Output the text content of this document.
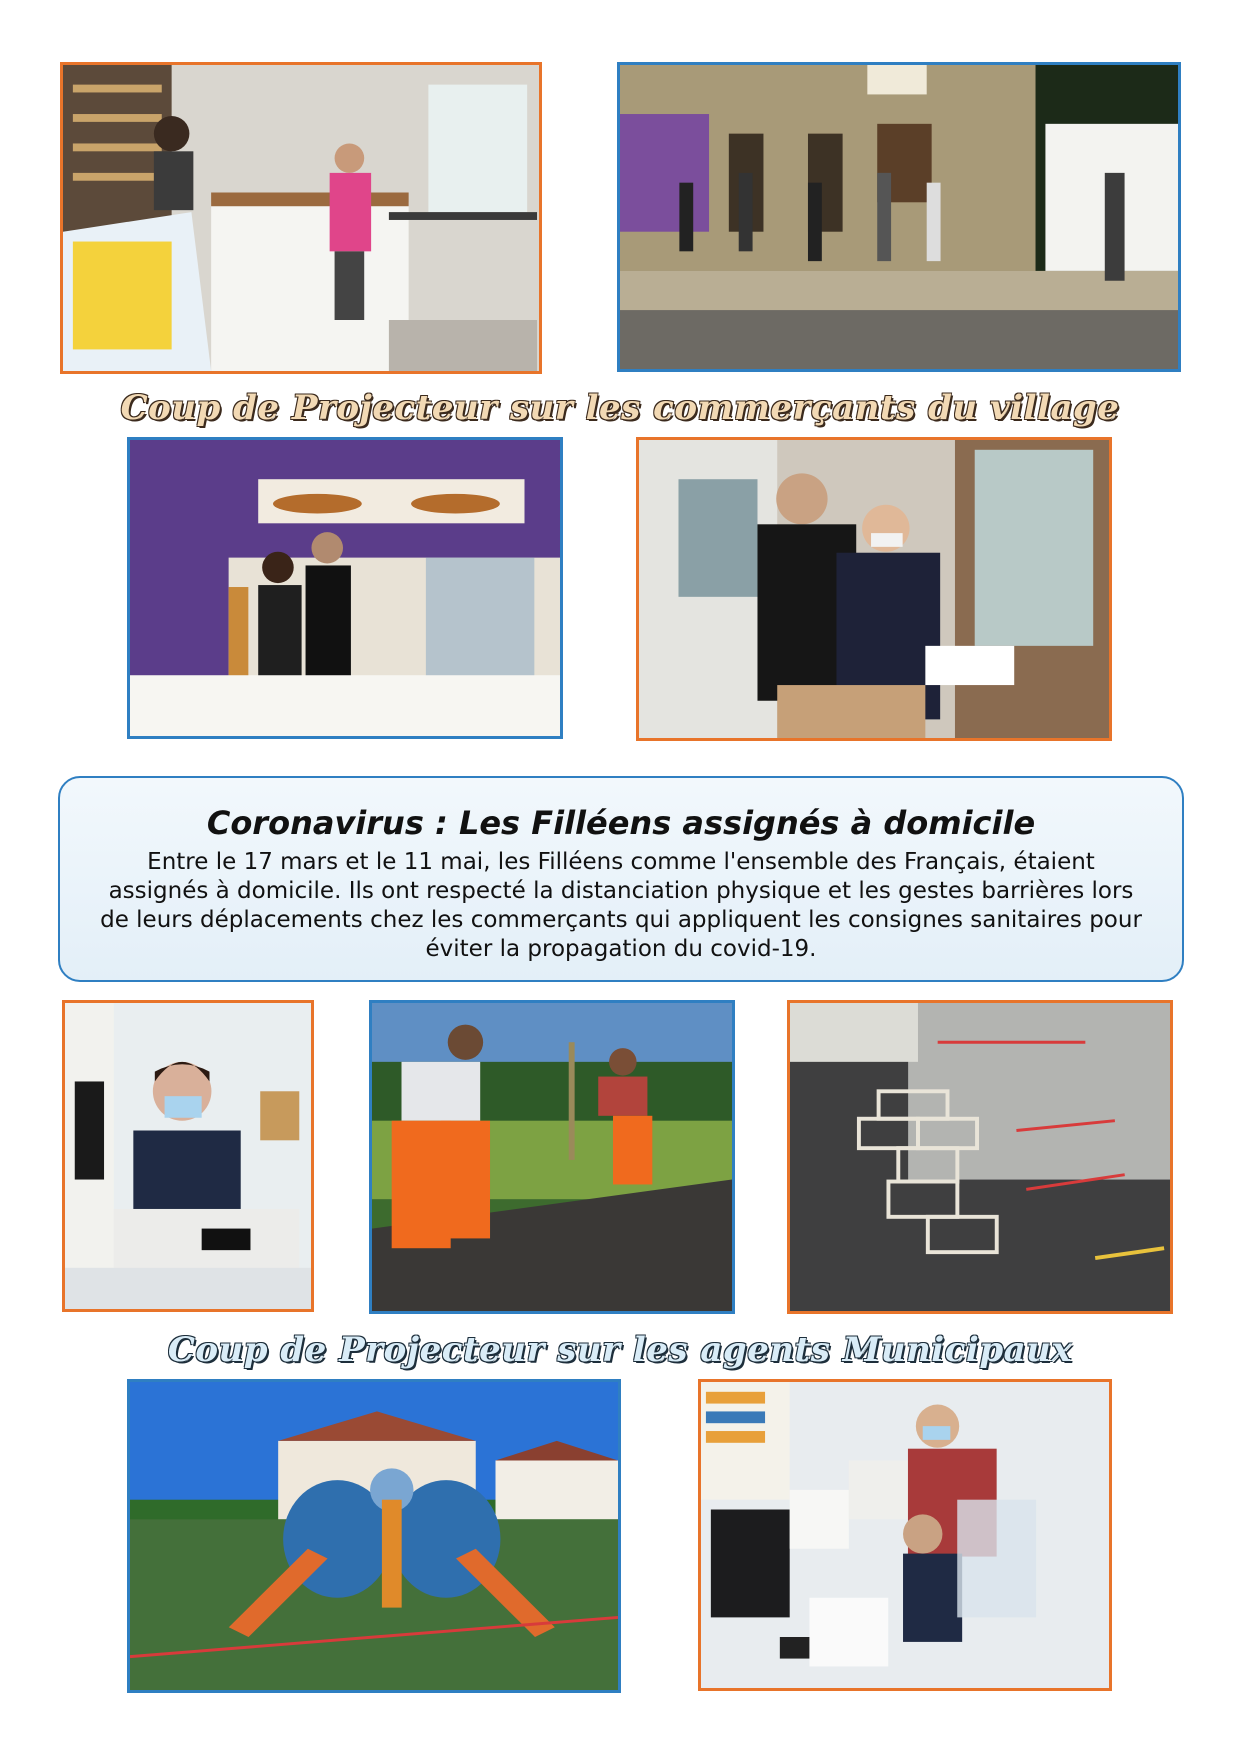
Coup de Projecteur sur les commerçants du village
Coronavirus : Les Filléens assignés à domicile

Entre le 17 mars et le 11 mai, les Filléens comme l'ensemble des Français, étaient assignés à domicile. Ils ont respecté la distanciation physique et les gestes barrières lors de leurs déplacements chez les commerçants qui appliquent les consignes sanitaires pour éviter la propagation du covid-19.

Coup de Projecteur sur les agents Municipaux
